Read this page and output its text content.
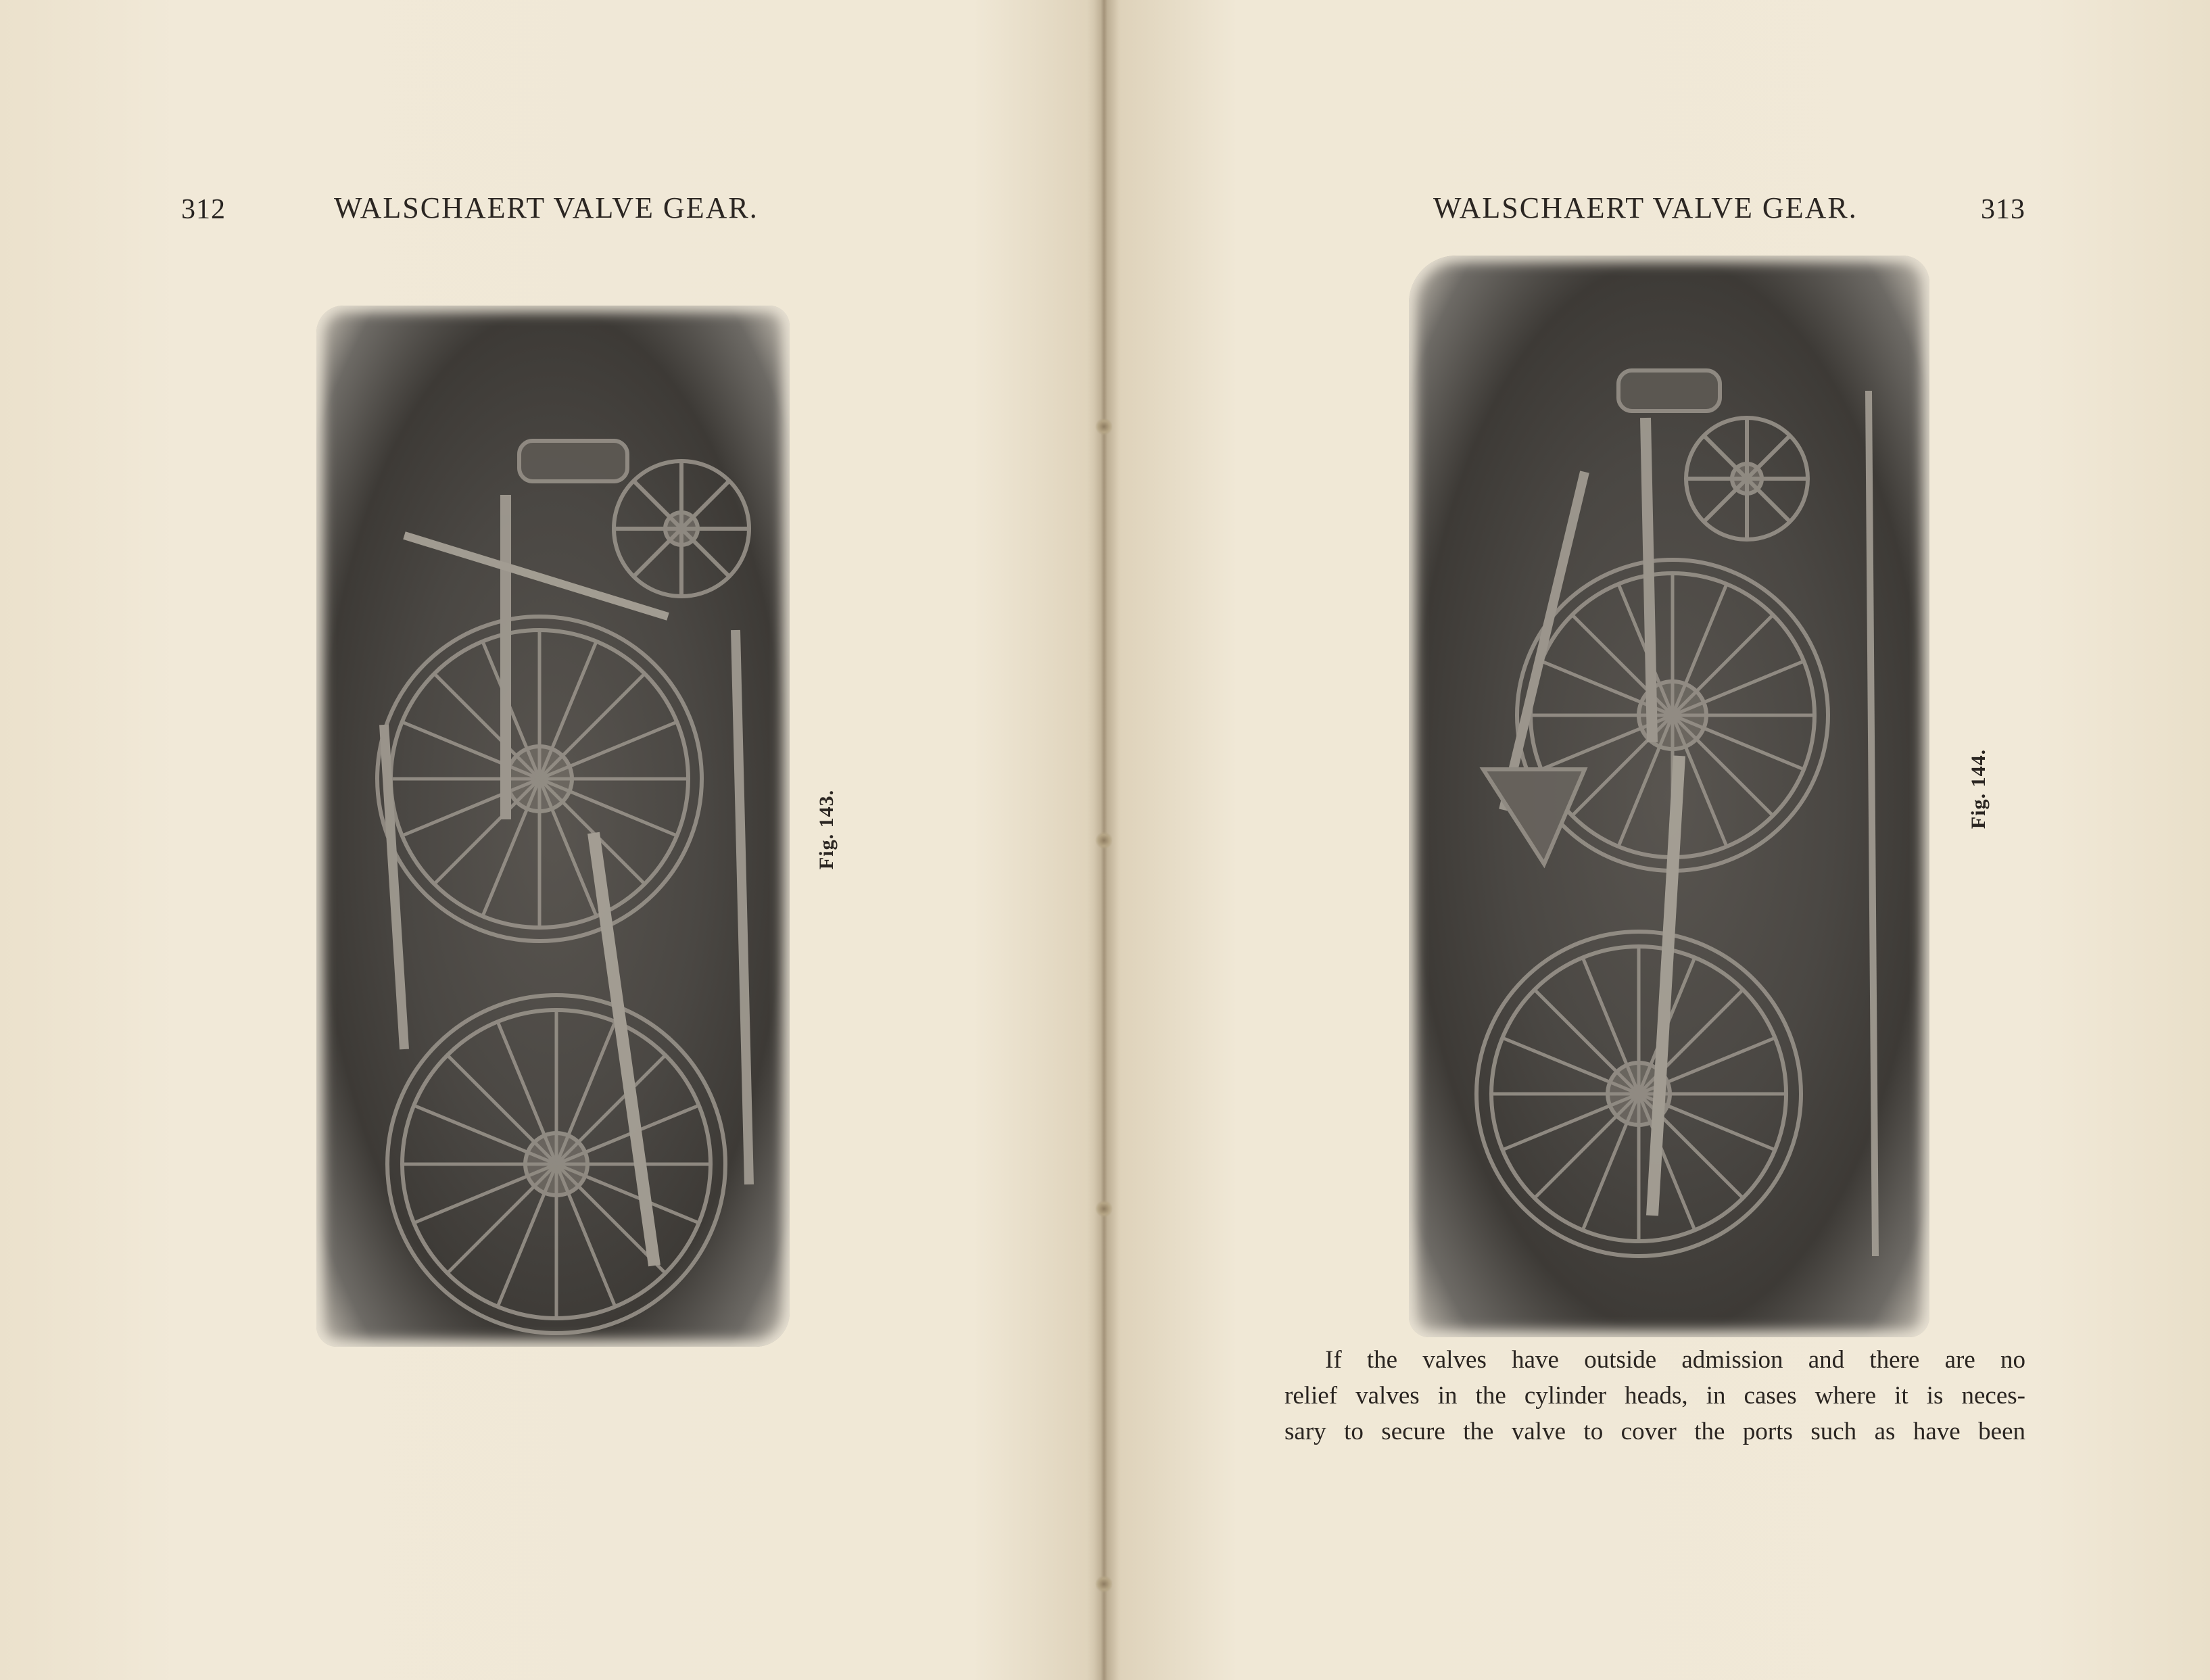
312	WALSCHAERT VALVE GEAR.
Fig. 143.
WALSCHAERT VALVE GEAR.	313
Fig. 144.
If the valves have outside admission and there are no
relief valves in the cylinder heads, in cases where it is neces-
sary to secure the valve to cover the ports such as have been
